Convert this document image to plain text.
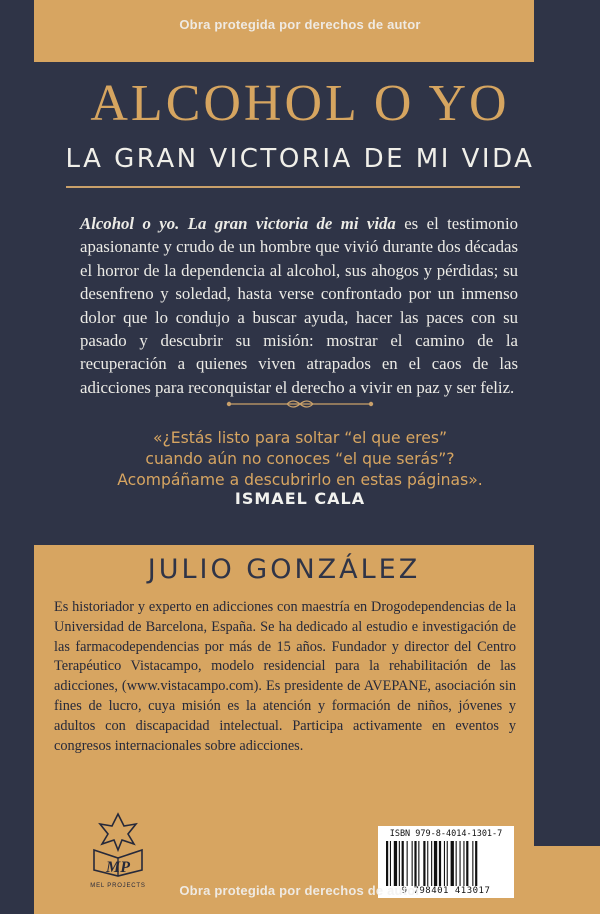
Obra protegida por derechos de autor
ALCOHOL O YO
LA GRAN VICTORIA DE MI VIDA
Alcohol o yo. La gran victoria de mi vida es el testimonio apasionante y crudo de un hombre que vivió durante dos décadas el horror de la dependencia al alcohol, sus ahogos y pérdidas; su desenfreno y soledad, hasta verse confrontado por un inmenso dolor que lo condujo a buscar ayuda, hacer las paces con su pasado y descubrir su misión: mostrar el camino de la recuperación a quienes viven atrapados en el caos de las adicciones para reconquistar el derecho a vivir en paz y ser feliz.
«¿Estás listo para soltar “el que eres”
cuando aún no conoces “el que serás”?
Acompáñame a descubrirlo en estas páginas».
ISMAEL CALA
JULIO GONZÁLEZ
Es historiador y experto en adicciones con maestría en Drogodependencias de la Universidad de Barcelona, España. Se ha dedicado al estudio e investigación de las farmacodependencias por más de 15 años. Fundador y director del Centro Terapéutico Vistacampo, modelo residencial para la rehabilitación de las adicciones, (www.vistacampo.com). Es presidente de AVEPANE, asociación sin fines de lucro, cuya misión es la atención y formación de niños, jóvenes y adultos con discapacidad intelectual. Participa activamente en eventos y congresos internacionales sobre adicciones.
MP
MEL PROJECTS
ISBN 979-8-4014-1301-7
9 798401 413017
Obra protegida por derechos de autor
